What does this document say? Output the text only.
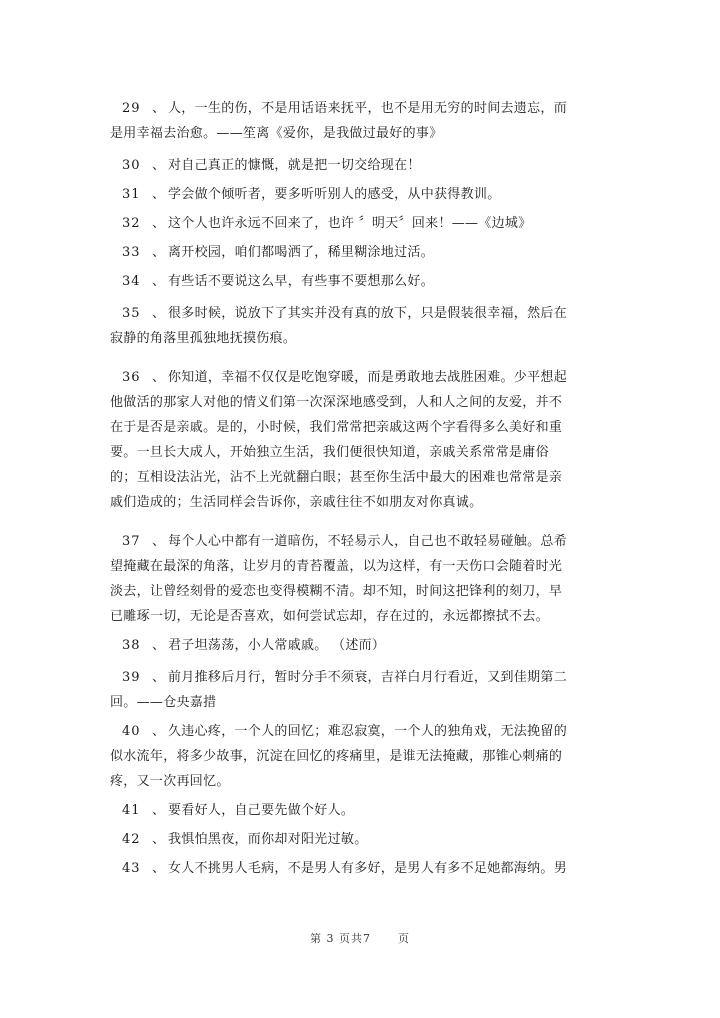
29 、 人，一生的伤，不是用话语来抚平，也不是用无穷的时间去遗忘，而是用幸福去治愈。——笙离《爱你，是我做过最好的事》

30 、 对自己真正的慷慨，就是把一切交给现在！

31 、 学会做个倾听者，要多听听别人的感受，从中获得教训。

32 、 这个人也许永远不回来了，也许 〞明天〞回来！——《边城》

33 、 离开校园，咱们都喝洒了，稀里糊涂地过活。

34 、 有些话不要说这么早，有些事不要想那么好。

35 、 很多时候，说放下了其实并没有真的放下，只是假装很幸福，然后在寂静的角落里孤独地抚摸伤痕。

36 、 你知道，幸福不仅仅是吃饱穿暖，而是勇敢地去战胜困难。少平想起他做活的那家人对他的情义们第一次深深地感受到，人和人之间的友爱，并不在于是否是亲戚。是的，小时候，我们常常把亲戚这两个字看得多么美好和重要。一旦长大成人，开始独立生活，我们便很快知道，亲戚关系常常是庸俗的；互相设法沾光，沾不上光就翻白眼；甚至你生活中最大的困难也常常是亲戚们造成的；生活同样会告诉你，亲戚往往不如朋友对你真诚。

37 、 每个人心中都有一道暗伤，不轻易示人，自己也不敢轻易碰触。总希望掩藏在最深的角落，让岁月的青苔覆盖，以为这样，有一天伤口会随着时光淡去，让曾经刻骨的爱恋也变得模糊不清。却不知，时间这把锋利的刻刀，早已雕琢一切，无论是否喜欢，如何尝试忘却，存在过的，永远都擦拭不去。

38 、 君子坦荡荡，小人常戚戚。 （述而）

39 、 前月推移后月行，暂时分手不须衰，吉祥白月行看近，又到佳期第二回。——仓央嘉措

40 、 久违心疼，一个人的回忆；难忍寂寞，一个人的独角戏，无法挽留的似水流年，将多少故事，沉淀在回忆的疼痛里，是谁无法掩藏，那锥心刺痛的疼，又一次再回忆。

41 、 要看好人，自己要先做个好人。

42 、 我惧怕黑夜，而你却对阳光过敏。

43 、 女人不挑男人毛病，不是男人有多好，是男人有多不足她都海纳。男

第 3 页共7 页
